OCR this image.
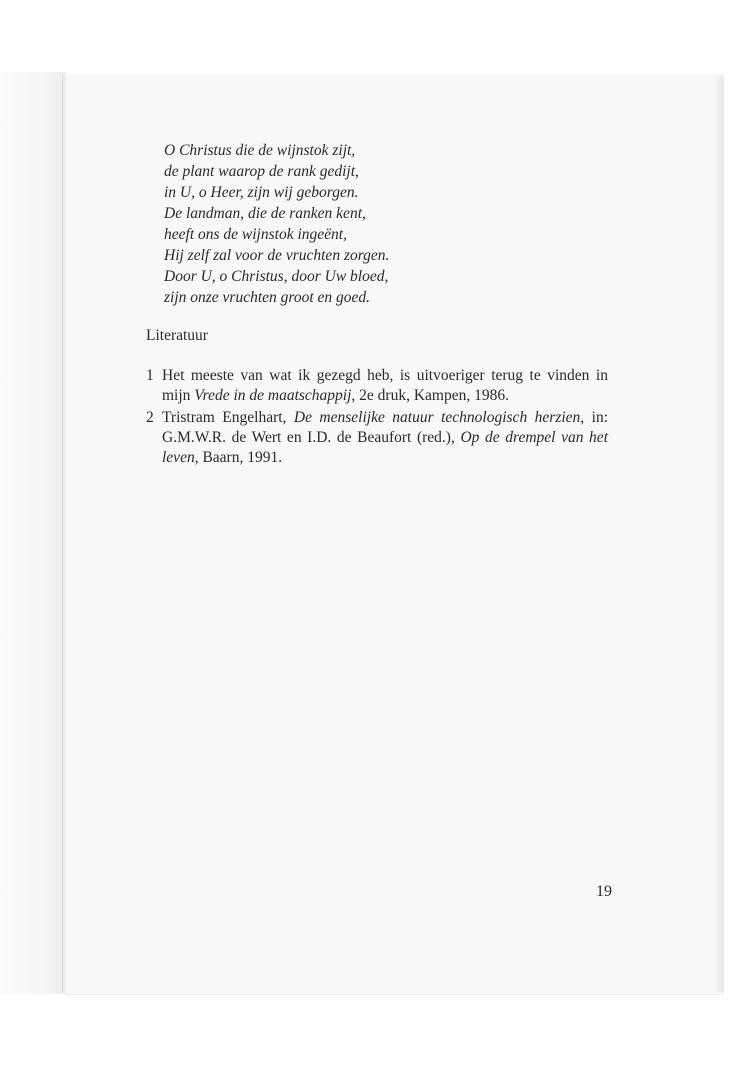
O Christus die de wijnstok zijt,
de plant waarop de rank gedijt,
in U, o Heer, zijn wij geborgen.
De landman, die de ranken kent,
heeft ons de wijnstok ingeënt,
Hij zelf zal voor de vruchten zorgen.
Door U, o Christus, door Uw bloed,
zijn onze vruchten groot en goed.
Literatuur
1 Het meeste van wat ik gezegd heb, is uitvoeriger terug te vinden in mijn Vrede in de maatschappij, 2e druk, Kampen, 1986.
2 Tristram Engelhart, De menselijke natuur technologisch herzien, in: G.M.W.R. de Wert en I.D. de Beaufort (red.), Op de drempel van het leven, Baarn, 1991.
19
